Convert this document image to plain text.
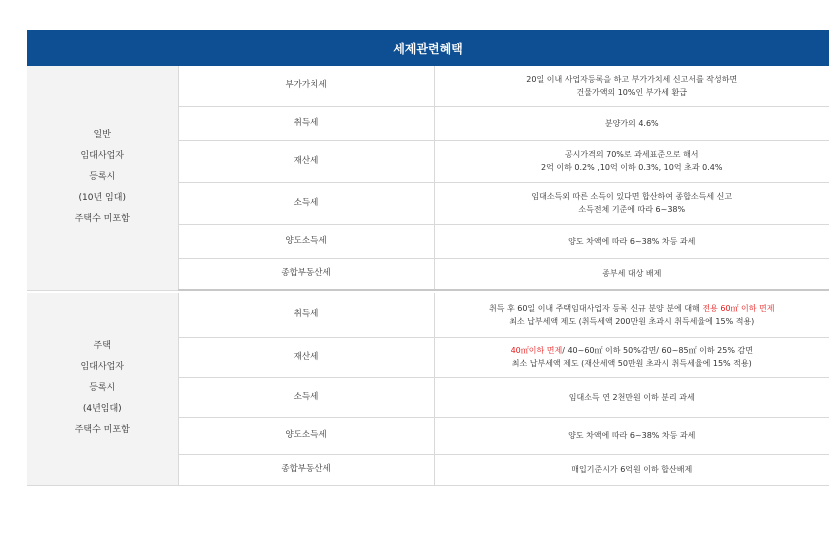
세제관련혜택
일반
임대사업자
등록시
(10년 임대)
주택수 미포함	부가가치세	20일 이내 사업자등록을 하고 부가가치세 신고서를 작성하면
건물가액의 10%인 부가세 환급

	취득세	분양가의 4.6%

	재산세	공시가격의 70%로 과세표준으로 해서
2억 이하 0.2% ,10억 이하 0.3%, 10억 초과 0.4%

	소득세	임대소득외 따른 소득이 있다면 합산하여 종합소득세 신고
소득전체 기준에 따라 6~38%

	양도소득세	양도 차액에 따라 6~38% 차등 과세

	종합부동산세	종부세 대상 배제

주택
임대사업자
등록시
(4년임대)
주택수 미포함	취득세	취득 후 60일 이내 주택임대사업자 등록 신규 분양 분에 대해 전용 60㎡ 이하 면제
최소 납부세액 제도 (취득세액 200만원 초과시 취득세율에 15% 적용)

	재산세	40㎡이하 면제/ 40~60㎡ 이하 50%감면/ 60~85㎡ 이하 25% 감면
최소 납부세액 제도 (재산세액 50만원 초과시 취득세율에 15% 적용)

	소득세	임대소득 연 2천만원 이하 분리 과세

	양도소득세	양도 차액에 따라 6~38% 차등 과세

	종합부동산세	매입기준시가 6억원 이하 합산배제
